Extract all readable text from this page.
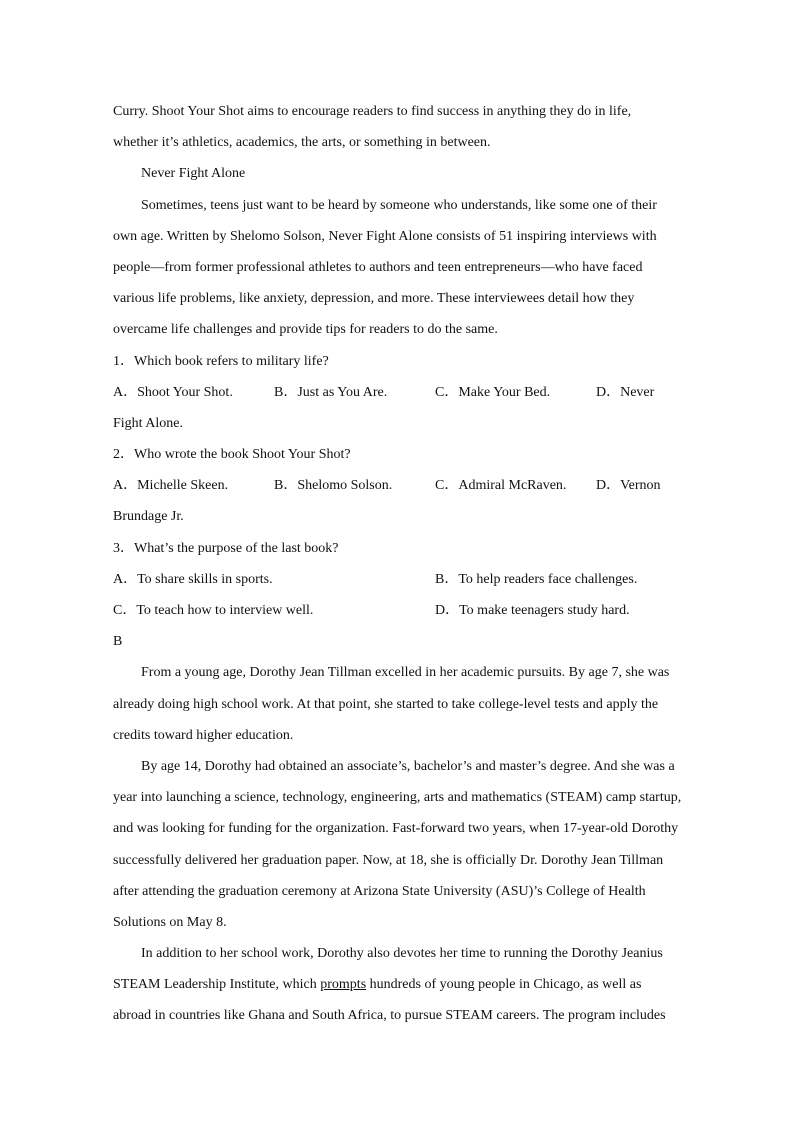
Curry. Shoot Your Shot aims to encourage readers to find success in anything they do in life,
whether it’s athletics, academics, the arts, or something in between.
Never Fight Alone
Sometimes, teens just want to be heard by someone who understands, like some one of their
own age. Written by Shelomo Solson, Never Fight Alone consists of 51 inspiring interviews with
people—from former professional athletes to authors and teen entrepreneurs—who have faced
various life problems, like anxiety, depression, and more. These interviewees detail how they
overcame life challenges and provide tips for readers to do the same.
1．Which book refers to military life?
A．Shoot Your Shot.	B．Just as You Are.	C．Make Your Bed.	D．Never
Fight Alone.
2．Who wrote the book Shoot Your Shot?
A．Michelle Skeen.	B．Shelomo Solson.	C．Admiral McRaven. D．Vernon
Brundage Jr.
3．What’s the purpose of the last book?
A．To share skills in sports.	B．To help readers face challenges.
C．To teach how to interview well.	D．To make teenagers study hard.
B
From a young age, Dorothy Jean Tillman excelled in her academic pursuits. By age 7, she was
already doing high school work. At that point, she started to take college-level tests and apply the
credits toward higher education.
By age 14, Dorothy had obtained an associate’s, bachelor’s and master’s degree. And she was a
year into launching a science, technology, engineering, arts and mathematics (STEAM) camp startup,
and was looking for funding for the organization. Fast-forward two years, when 17-year-old Dorothy
successfully delivered her graduation paper. Now, at 18, she is officially Dr. Dorothy Jean Tillman
after attending the graduation ceremony at Arizona State University (ASU)’s College of Health
Solutions on May 8.
In addition to her school work, Dorothy also devotes her time to running the Dorothy Jeanius
STEAM Leadership Institute, which prompts hundreds of young people in Chicago, as well as
abroad in countries like Ghana and South Africa, to pursue STEAM careers. The program includes
